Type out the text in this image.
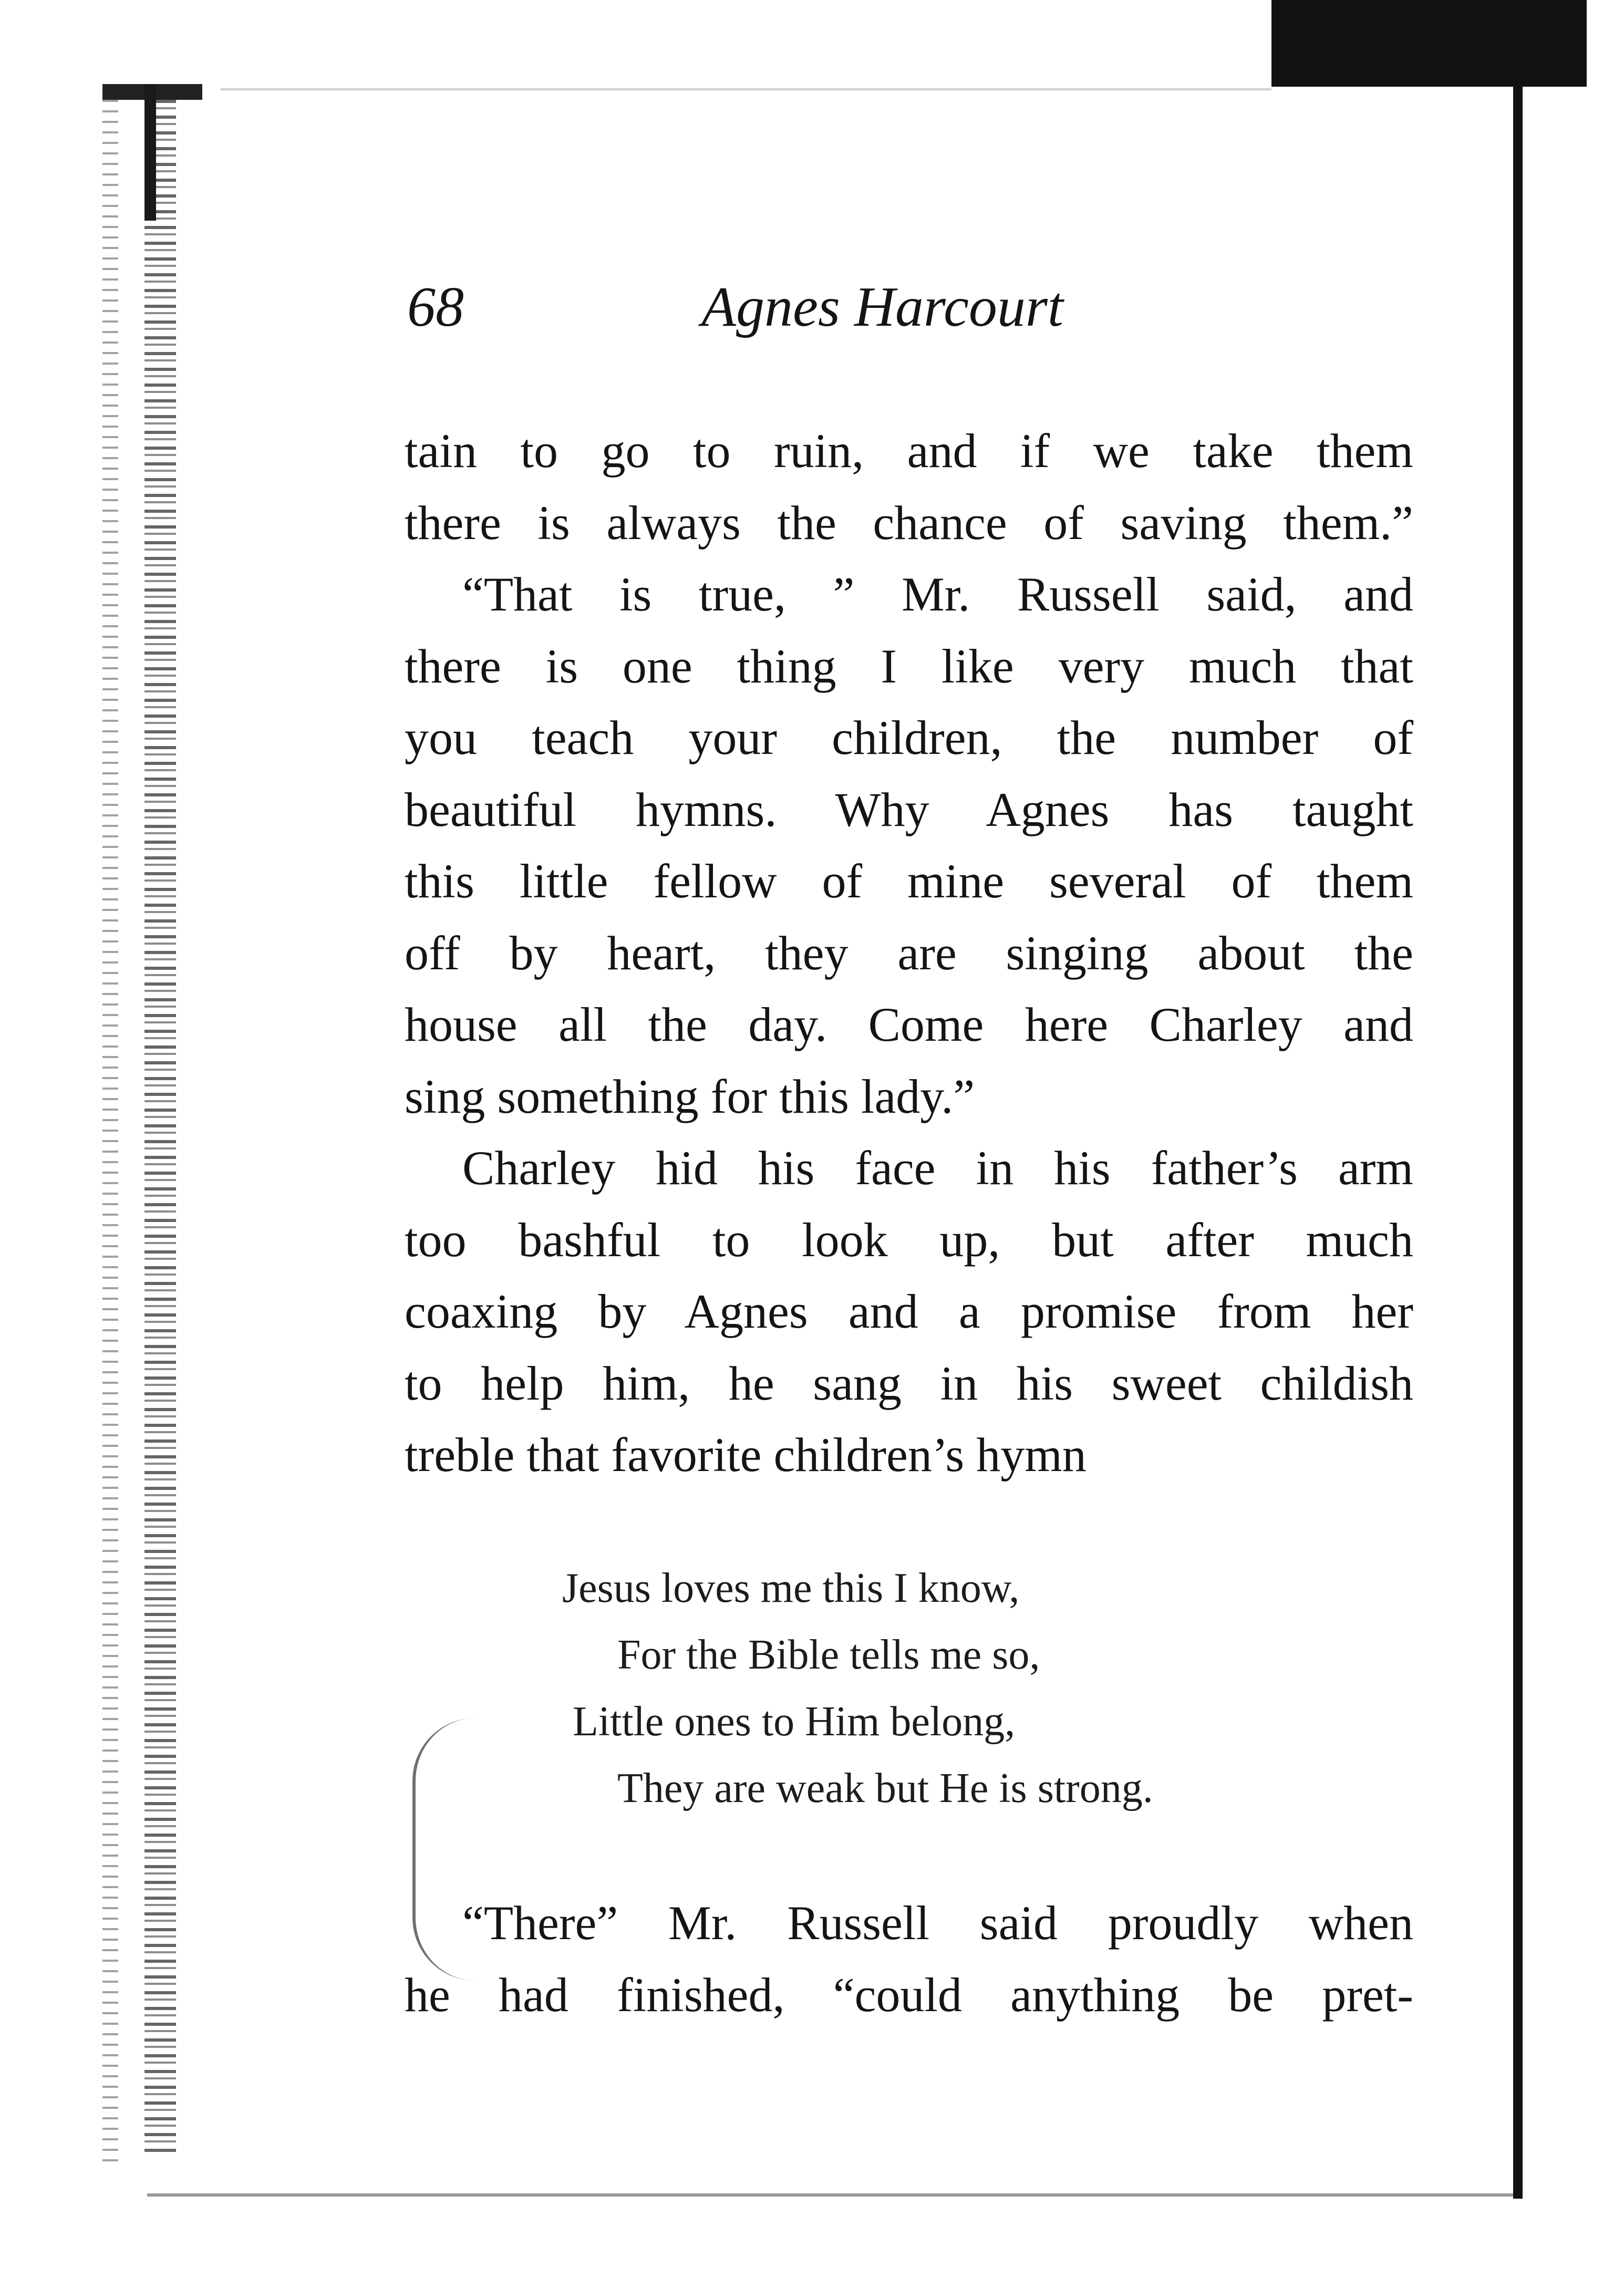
68	Agnes Harcourt
tain to go to ruin, and if we take them
there is always the chance of saving them.”
“That is true, ” Mr. Russell said, and
there is one thing I like very much that
you teach your children, the number of
beautiful hymns. Why Agnes has taught
this little fellow of mine several of them
off by heart, they are singing about the
house all the day. Come here Charley and
sing something for this lady.”
Charley hid his face in his father’s arm
too bashful to look up, but after much
coaxing by Agnes and a promise from her
to help him, he sang in his sweet childish
treble that favorite children’s hymn
Jesus loves me this I know,
For the Bible tells me so,
Little ones to Him belong,
They are weak but He is strong.
“There” Mr. Russell said proudly when
he had finished, “could anything be pret-
